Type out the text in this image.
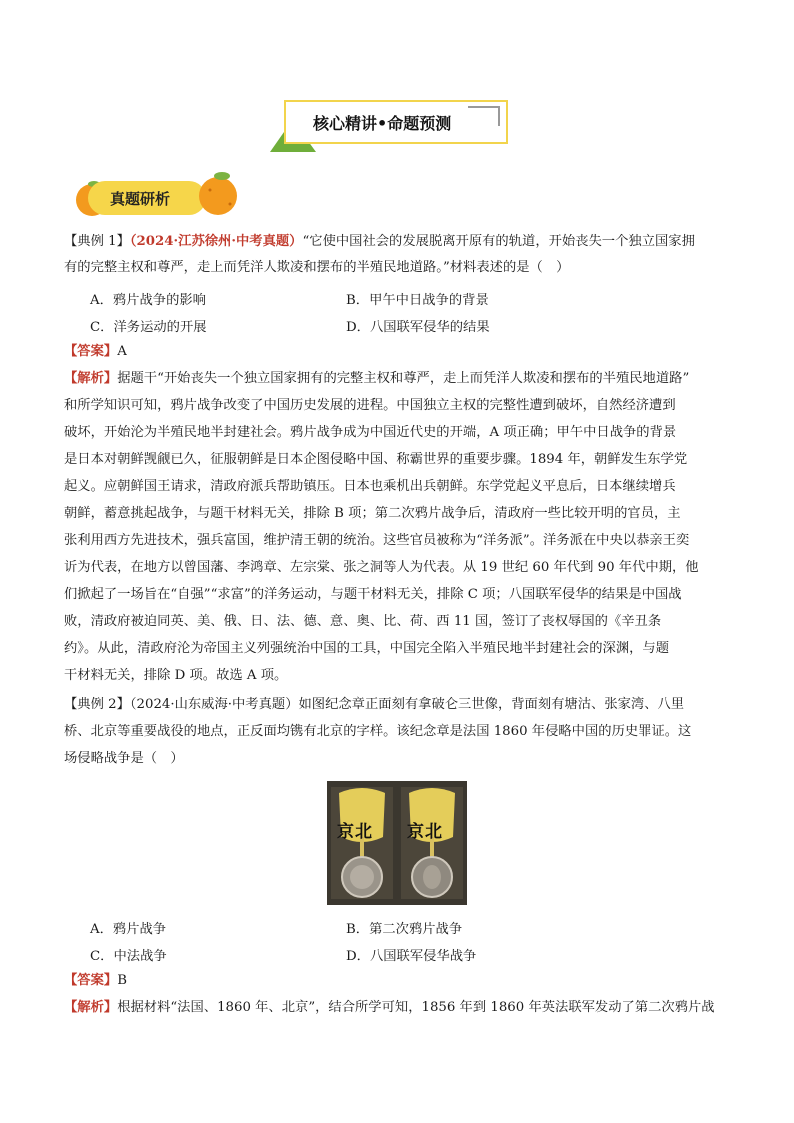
核心精讲•命题预测
真题研析
【典例 1】（2024·江苏徐州·中考真题）“它使中国社会的发展脱离开原有的轨道，开始丧失一个独立国家拥
有的完整主权和尊严，走上而凭洋人欺凌和摆布的半殖民地道路。”材料表述的是（　）
A．鸦片战争的影响	B．甲午中日战争的背景
C．洋务运动的开展	D．八国联军侵华的结果
【答案】A
【解析】据题干“开始丧失一个独立国家拥有的完整主权和尊严，走上而凭洋人欺凌和摆布的半殖民地道路”
和所学知识可知，鸦片战争改变了中国历史发展的进程。中国独立主权的完整性遭到破坏，自然经济遭到
破坏，开始沦为半殖民地半封建社会。鸦片战争成为中国近代史的开端，A 项正确；甲午中日战争的背景
是日本对朝鲜觊觎已久，征服朝鲜是日本企图侵略中国、称霸世界的重要步骤。1894 年，朝鲜发生东学党
起义。应朝鲜国王请求，清政府派兵帮助镇压。日本也乘机出兵朝鲜。东学党起义平息后，日本继续增兵
朝鲜，蓄意挑起战争，与题干材料无关，排除 B 项；第二次鸦片战争后，清政府一些比较开明的官员，主
张利用西方先进技术，强兵富国，维护清王朝的统治。这些官员被称为“洋务派”。洋务派在中央以恭亲王奕
䜣为代表，在地方以曾国藩、李鸿章、左宗棠、张之洞等人为代表。从 19 世纪 60 年代到 90 年代中期，他
们掀起了一场旨在“自强”“求富”的洋务运动，与题干材料无关，排除 C 项；八国联军侵华的结果是中国战
败，清政府被迫同英、美、俄、日、法、德、意、奥、比、荷、西 11 国，签订了丧权辱国的《辛丑条
约》。从此，清政府沦为帝国主义列强统治中国的工具，中国完全陷入半殖民地半封建社会的深渊，与题
干材料无关，排除 D 项。故选 A 项。
【典例 2】（2024·山东威海·中考真题）如图纪念章正面刻有拿破仑三世像，背面刻有塘沽、张家湾、八里
桥、北京等重要战役的地点，正反面均镌有北京的字样。该纪念章是法国 1860 年侵略中国的历史罪证。这
场侵略战争是（　）
京北 京北
A．鸦片战争	B．第二次鸦片战争
C．中法战争	D．八国联军侵华战争
【答案】B
【解析】根据材料“法国、1860 年、北京”，结合所学可知，1856 年到 1860 年英法联军发动了第二次鸦片战
